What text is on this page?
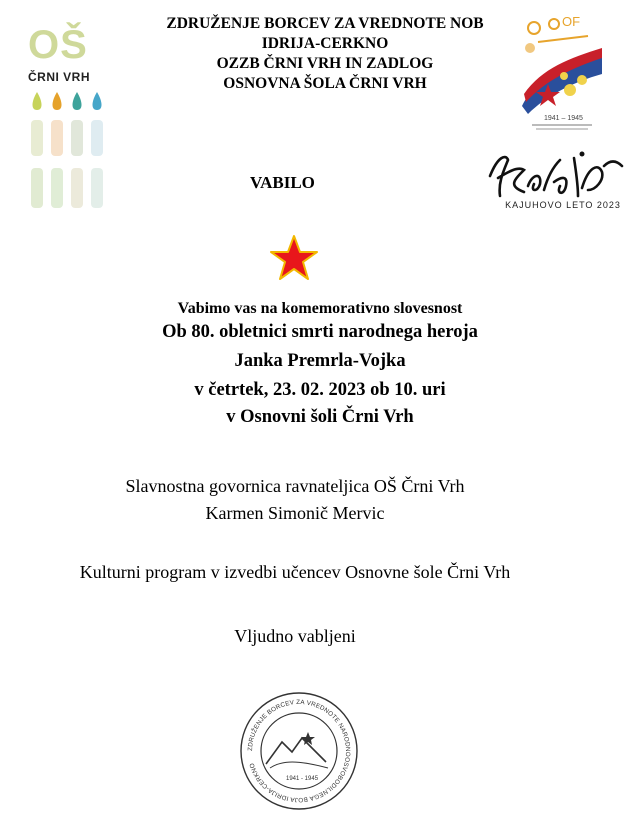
ZDRUŽENJE BORCEV ZA VREDNOTE NOB
IDRIJA-CERKNO
OZZB ČRNI VRH IN ZADLOG
OSNOVNA ŠOLA ČRNI VRH
OŠ
ČRNI VRH
OF
1941 – 1945
VABILO
KAJUHOVO LETO 2023
Vabimo vas na komemorativno slovesnost
Ob 80. obletnici smrti narodnega heroja
Janka Premrla-Vojka
v četrtek, 23. 02. 2023 ob 10. uri
v Osnovni šoli Črni Vrh
Slavnostna govornica ravnateljica OŠ Črni Vrh
Karmen Simonič Mervic
Kulturni program v izvedbi učencev Osnovne šole Črni Vrh
Vljudno vabljeni
ZDRUŽENJE BORCEV ZA VREDNOTE NARODNOOSVOBODILNEGA BOJA IDRIJA-CERKNO
1941 - 1945
